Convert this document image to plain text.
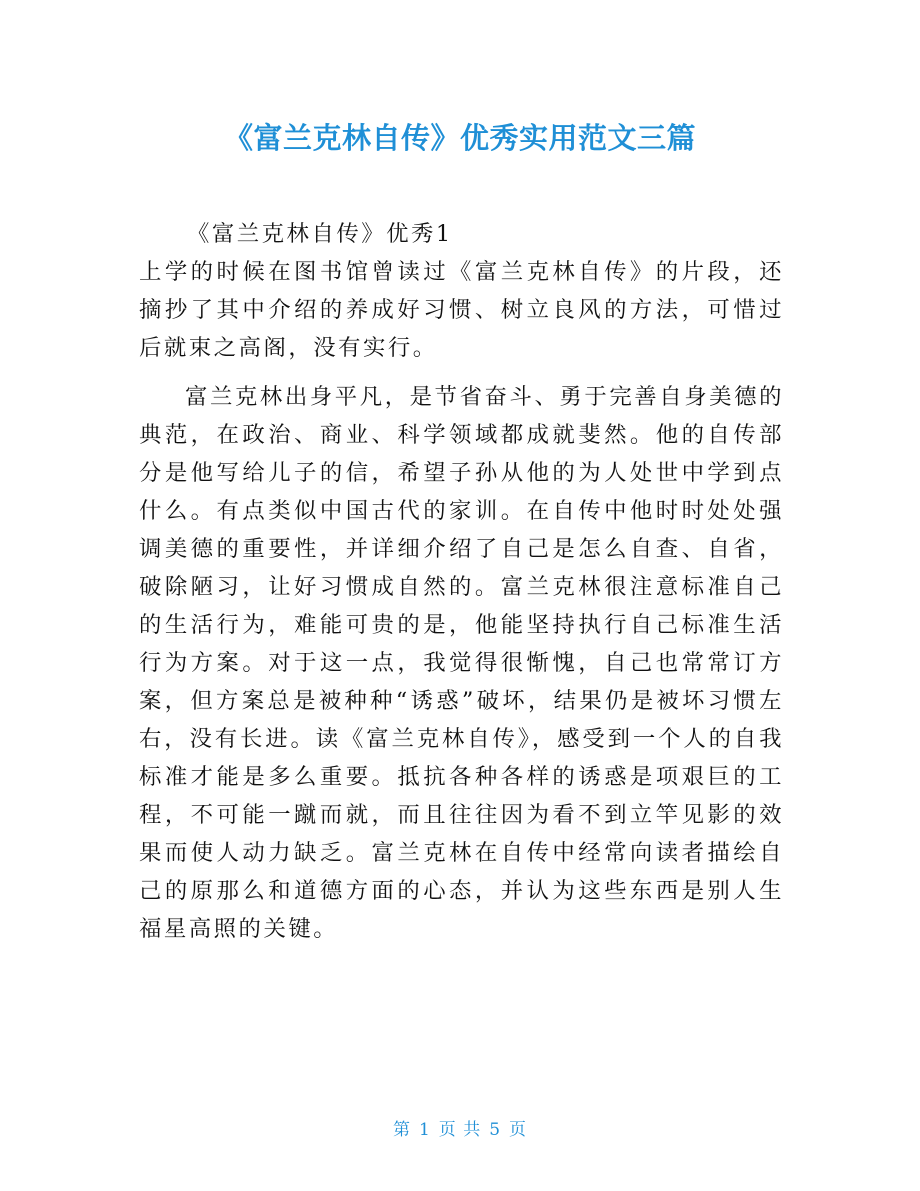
《富兰克林自传》优秀实用范文三篇

《富兰克林自传》优秀1

上学的时候在图书馆曾读过《富兰克林自传》的片段，还摘抄了其中介绍的养成好习惯、树立良风的方法，可惜过后就束之高阁，没有实行。

富兰克林出身平凡，是节省奋斗、勇于完善自身美德的典范，在政治、商业、科学领域都成就斐然。他的自传部分是他写给儿子的信，希望子孙从他的为人处世中学到点什么。有点类似中国古代的家训。在自传中他时时处处强调美德的重要性，并详细介绍了自己是怎么自查、自省，破除陋习，让好习惯成自然的。富兰克林很注意标准自己的生活行为，难能可贵的是，他能坚持执行自己标准生活行为方案。对于这一点，我觉得很惭愧，自己也常常订方案，但方案总是被种种“诱惑”破坏，结果仍是被坏习惯左右，没有长进。读《富兰克林自传》，感受到一个人的自我标准才能是多么重要。抵抗各种各样的诱惑是项艰巨的工程，不可能一蹴而就，而且往往因为看不到立竿见影的效果而使人动力缺乏。富兰克林在自传中经常向读者描绘自己的原那么和道德方面的心态，并认为这些东西是别人生福星高照的关键。

第 1 页 共 5 页
